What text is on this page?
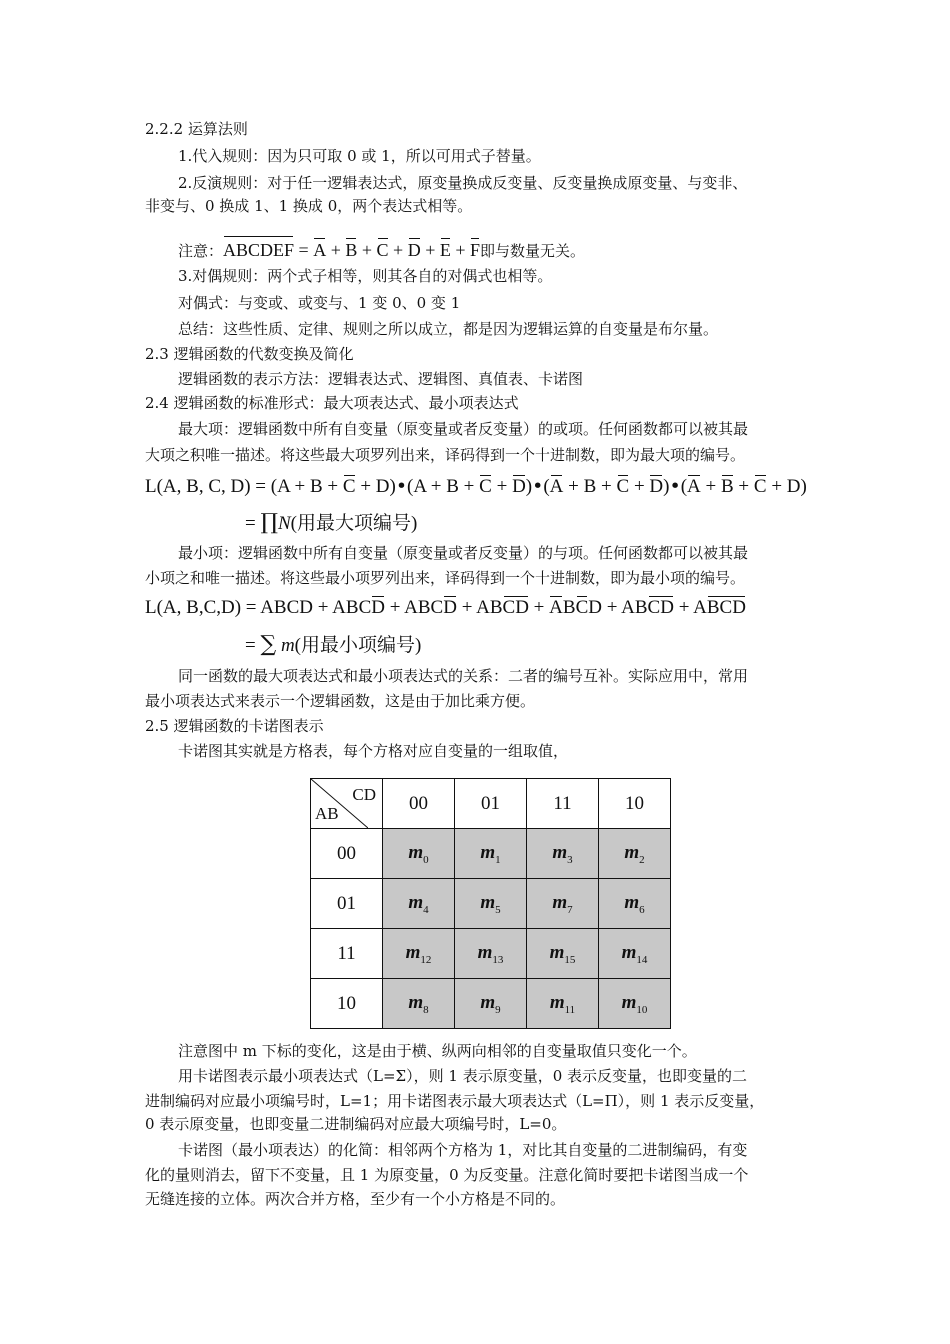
2.2.2 运算法则
1.代入规则：因为只可取 0 或 1，所以可用式子替量。
2.反演规则：对于任一逻辑表达式，原变量换成反变量、反变量换成原变量、与变非、
非变与、0 换成 1、1 换成 0，两个表达式相等。
注意：ABCDEF = A + B + C + D + E + F即与数量无关。
3.对偶规则：两个式子相等，则其各自的对偶式也相等。
对偶式：与变或、或变与、1 变 0、0 变 1
总结：这些性质、定律、规则之所以成立，都是因为逻辑运算的自变量是布尔量。
2.3 逻辑函数的代数变换及简化
逻辑函数的表示方法：逻辑表达式、逻辑图、真值表、卡诺图
2.4 逻辑函数的标准形式：最大项表达式、最小项表达式
最大项：逻辑函数中所有自变量（原变量或者反变量）的或项。任何函数都可以被其最
大项之积唯一描述。将这些最大项罗列出来，译码得到一个十进制数，即为最大项的编号。
L(A, B, C, D) = (A + B + C + D)•(A + B + C + D)•(A + B + C + D)•(A + B + C + D)
= ∏N(用最大项编号)
最小项：逻辑函数中所有自变量（原变量或者反变量）的与项。任何函数都可以被其最
小项之和唯一描述。将这些最小项罗列出来，译码得到一个十进制数，即为最小项的编号。
L(A, B,C,D) = ABCD + ABCD + ABCD + ABCD + ABCD + ABCD + ABCD
= ∑ m(用最小项编号)
同一函数的最大项表达式和最小项表达式的关系：二者的编号互补。实际应用中，常用
最小项表达式来表示一个逻辑函数，这是由于加比乘方便。
2.5 逻辑函数的卡诺图表示
卡诺图其实就是方格表，每个方格对应自变量的一组取值，
CD
AB	00	01	11	10
00	$m_0$	$m_1$	$m_3$	$m_2$
01	$m_4$	$m_5$	$m_7$	$m_6$
11	$m_{12}$	$m_{13}$	$m_{15}$	$m_{14}$
10	$m_8$	$m_9$	$m_{11}$	$m_{10}$
注意图中 m 下标的变化，这是由于横、纵两向相邻的自变量取值只变化一个。
用卡诺图表示最小项表达式（L=Σ），则 1 表示原变量，0 表示反变量，也即变量的二
进制编码对应最小项编号时，L=1；用卡诺图表示最大项表达式（L=Π），则 1 表示反变量，
0 表示原变量，也即变量二进制编码对应最大项编号时，L=0。
卡诺图（最小项表达）的化简：相邻两个方格为 1，对比其自变量的二进制编码，有变
化的量则消去，留下不变量，且 1 为原变量，0 为反变量。注意化简时要把卡诺图当成一个
无缝连接的立体。两次合并方格，至少有一个小方格是不同的。
